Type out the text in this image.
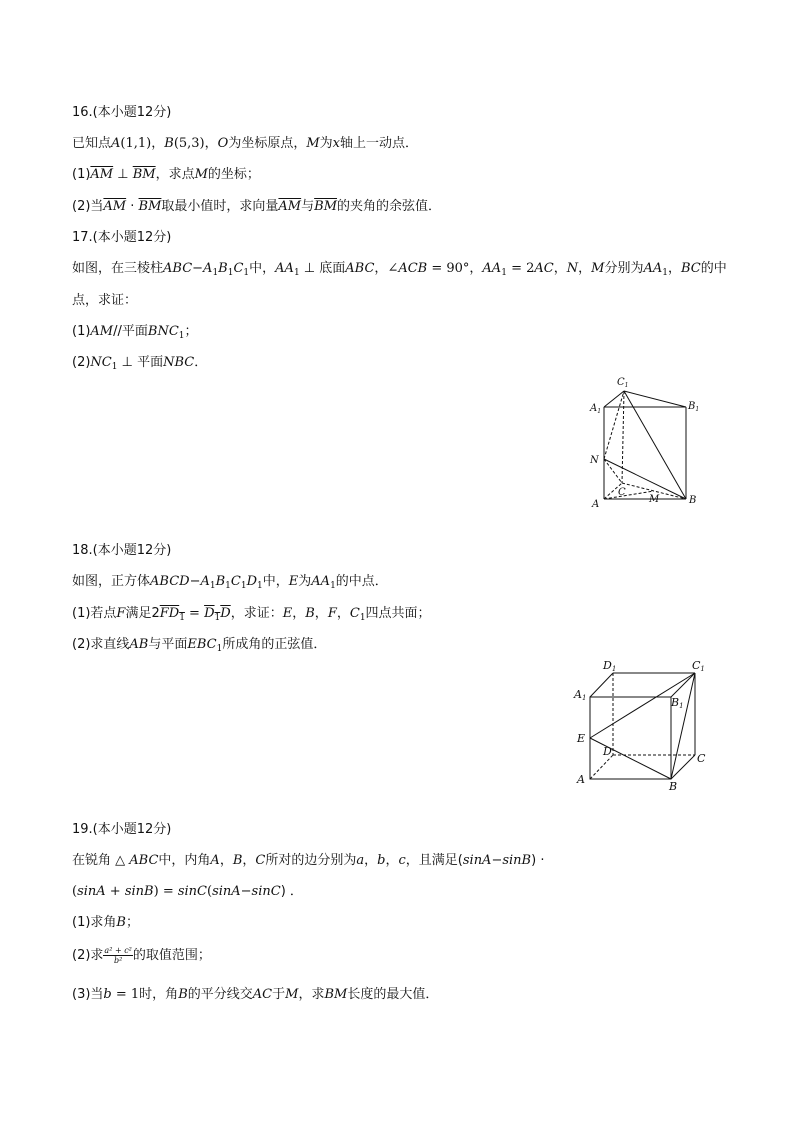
16.(本小题12分)
已知点A(1,1)，B(5,3)，O为坐标原点，M为x轴上一动点．
$(1)\overline{AM}$ ⊥ $\overline{BM}$，求点M的坐标；
(2)当$\overline{AM} \cdot \overline{BM}$取最小值时，求向量$\overline{AM}$与$\overline{BM}$的夹角的余弦值．
17.(本小题12分)
如图，在三棱柱$ABC-A_1B_1C_1$中，$AA_1$ ⊥ 底面ABC，∠ACB = 90°，$AA_1 = 2AC$，N，M分别为$AA_1$，BC的中
点，求证：
(1)AM//平面$BNC_1$；
$(2)NC_1$ ⊥ 平面NBC．
$C_1$
$A_1$	$B_1$
N
A	B
C
M
18.(本小题12分)
如图，正方体$ABCD-A_1B_1C_1D_1$中，E为$AA_1$的中点．
(1)若点F满足$2FD_1 = D_1D$，求证：E，B，F，$C_1$四点共面；
(2)求直线AB与平面$EBC_1$所成角的正弦值．
D1	C1
A1	B1
E
D
C
A
B
19.(本小题12分)
在锐角 △ ABC中，内角A，B，C所对的边分别为a，b，c，且满足(sinA−sinB) ·
(sinA + sinB) = sinC(sinA−sinC) ．
(1)求角B；
(2)求 $\frac{\text{a² + c²}}{\text{b²}}$ 的取值范围；
(3)当b = 1时，角B的平分线交AC于M，求BM长度的最大值．
